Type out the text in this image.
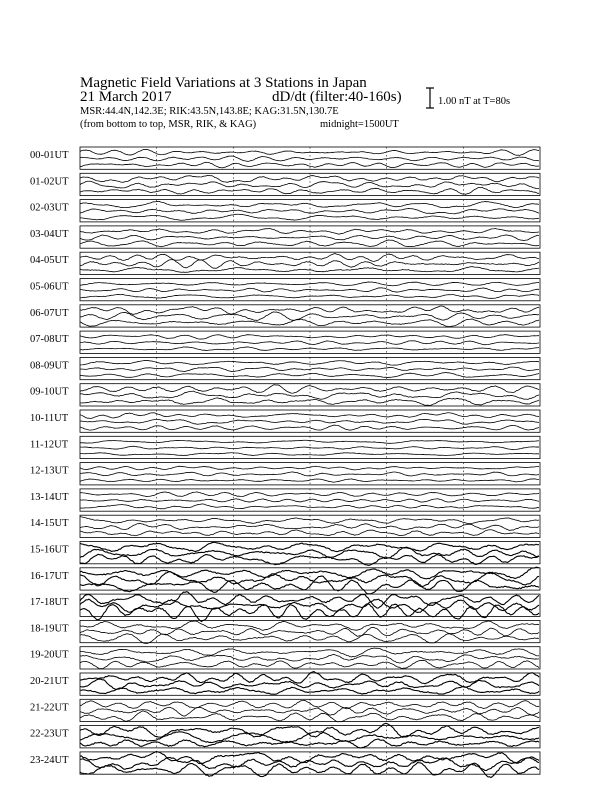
Magnetic Field Variations at 3 Stations in Japan
21 March 2017	dD/dt (filter:40-160s)
MSR:44.4N,142.3E; RIK:43.5N,143.8E; KAG:31.5N,130.7E
(from bottom to top, MSR, RIK, & KAG)	midnight=1500UT
1.00 nT at T=80s
00-01UT
01-02UT
02-03UT
03-04UT
04-05UT
05-06UT
06-07UT
07-08UT
08-09UT
09-10UT
10-11UT
11-12UT
12-13UT
13-14UT
14-15UT
15-16UT
16-17UT
17-18UT
18-19UT
19-20UT
20-21UT
21-22UT
22-23UT
23-24UT
